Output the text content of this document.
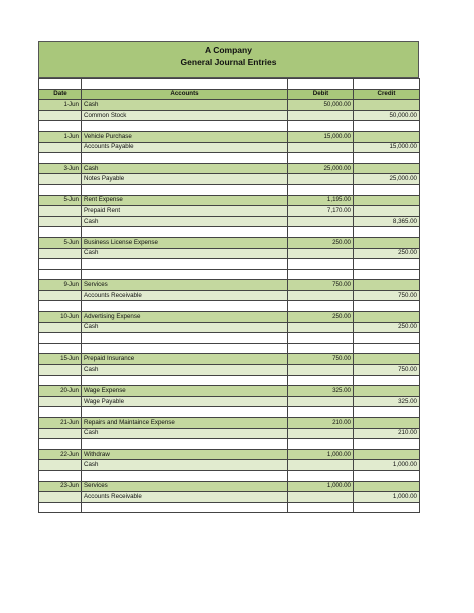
A Company
General Journal Entries

Date	Accounts	Debit	Credit
1-Jun	Cash	50,000.00	
	Common Stock		50,000.00

1-Jun	Vehicle Purchase	15,000.00	
	Accounts Payable		15,000.00

3-Jun	Cash	25,000.00	
	Notes Payable		25,000.00

5-Jun	Rent Expense	1,195.00	
	Prepaid Rent	7,170.00	
	Cash		8,365.00

5-Jun	Business License Expense	250.00	
	Cash		250.00

9-Jun	Services	750.00	
	Accounts Receivable		750.00

10-Jun	Advertising Expense	250.00	
	Cash		250.00

15-Jun	Prepaid Insurance	750.00	
	Cash		750.00

20-Jun	Wage Expense	325.00	
	Wage Payable		325.00

21-Jun	Repairs and Maintaince Expense	210.00	
	Cash		210.00

22-Jun	Withdraw	1,000.00	
	Cash		1,000.00

23-Jun	Services	1,000.00	
	Accounts Receivable		1,000.00
